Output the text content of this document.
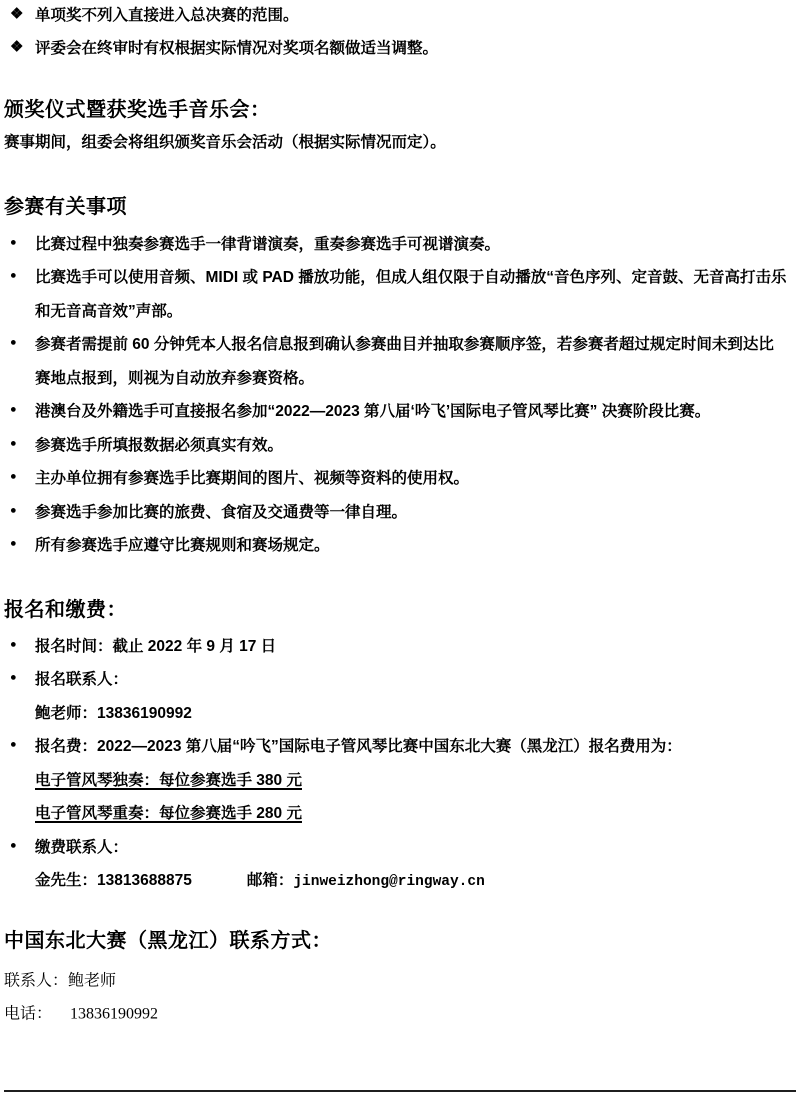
❖ 单项奖不列入直接进入总决赛的范围。
❖ 评委会在终审时有权根据实际情况对奖项名额做适当调整。
颁奖仪式暨获奖选手音乐会：
赛事期间，组委会将组织颁奖音乐会活动（根据实际情况而定）。
参赛有关事项
● 比赛过程中独奏参赛选手一律背谱演奏，重奏参赛选手可视谱演奏。
● 比赛选手可以使用音频、MIDI 或 PAD 播放功能，但成人组仅限于自动播放“音色序列、定音鼓、无音高打击乐
和无音高音效”声部。
● 参赛者需提前 60 分钟凭本人报名信息报到确认参赛曲目并抽取参赛顺序签，若参赛者超过规定时间未到达比
赛地点报到，则视为自动放弃参赛资格。
● 港澳台及外籍选手可直接报名参加“2022—2023 第八届‘吟飞’国际电子管风琴比赛” 决赛阶段比赛。
● 参赛选手所填报数据必须真实有效。
● 主办单位拥有参赛选手比赛期间的图片、视频等资料的使用权。
● 参赛选手参加比赛的旅费、食宿及交通费等一律自理。
● 所有参赛选手应遵守比赛规则和赛场规定。
报名和缴费：
● 报名时间：截止 2022 年 9 月 17 日
● 报名联系人：
鲍老师：13836190992
● 报名费：2022—2023 第八届“吟飞”国际电子管风琴比赛中国东北大赛（黑龙江）报名费用为：
电子管风琴独奏：每位参赛选手 380 元
电子管风琴重奏：每位参赛选手 280 元
● 缴费联系人：
金先生：13813688875	邮箱：jinweizhong@ringway.cn
中国东北大赛（黑龙江）联系方式：
联系人：鲍老师
电话： 13836190992
